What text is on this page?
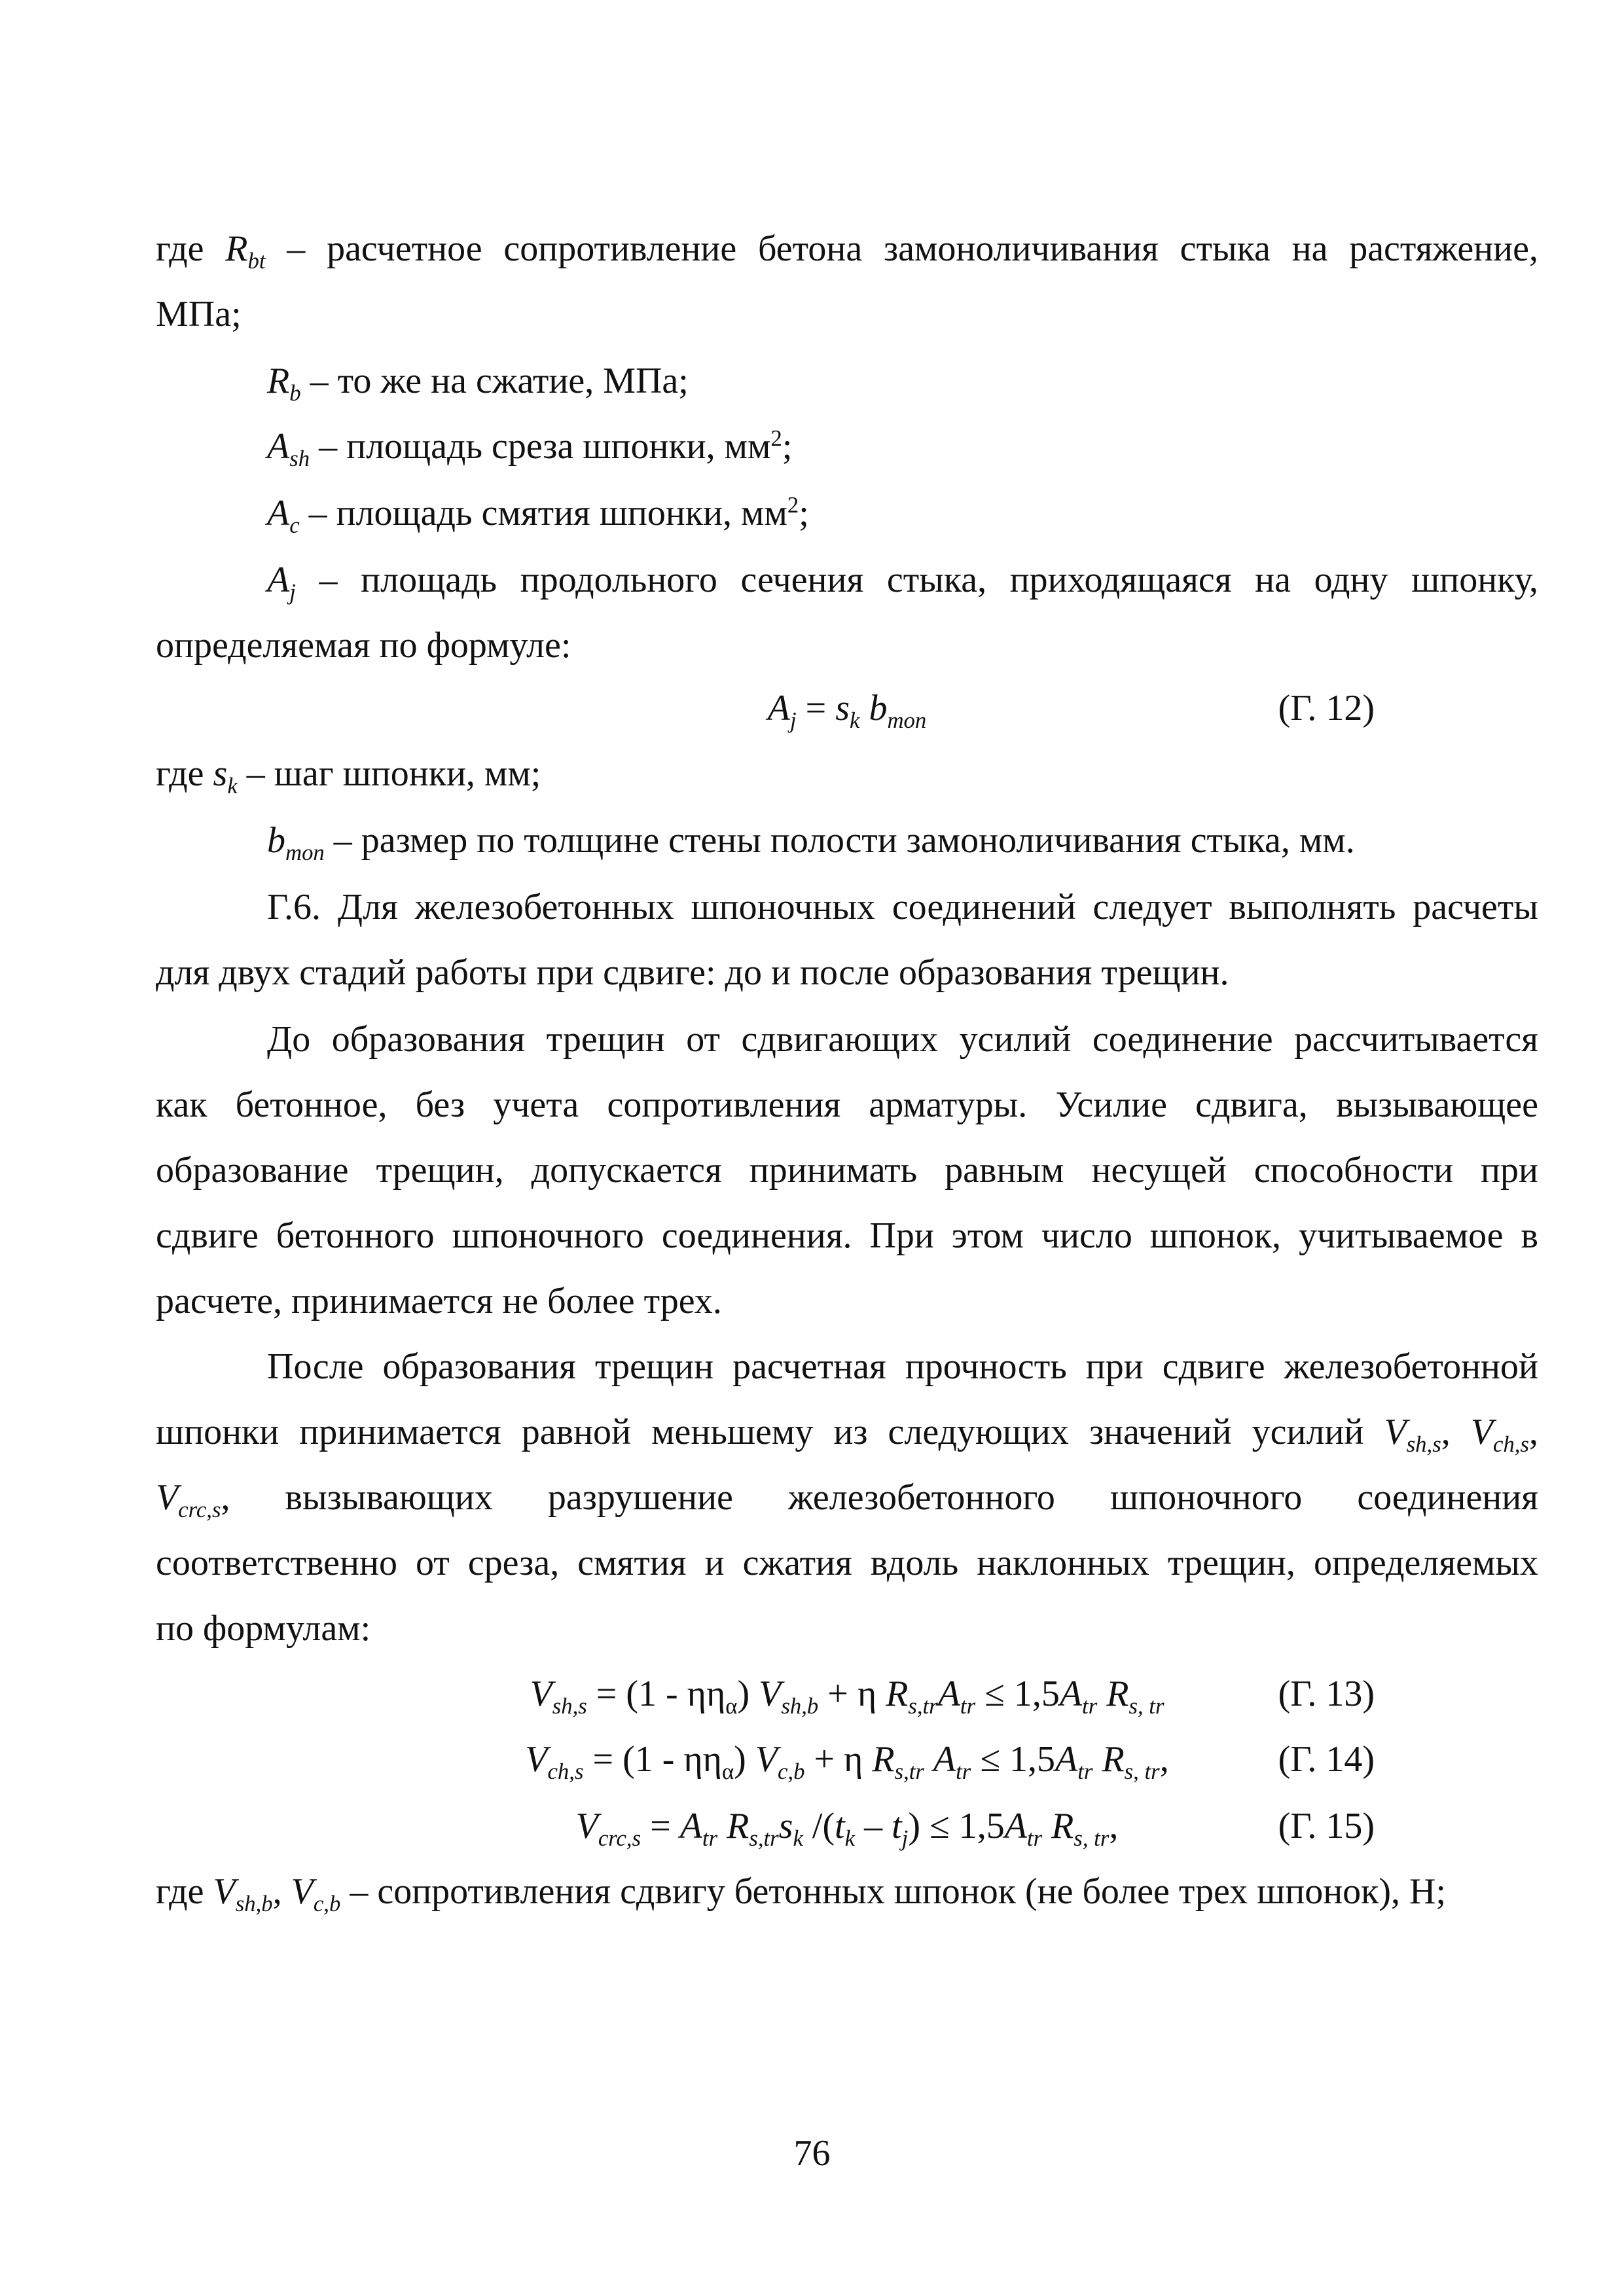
где $R_{bt}$ – расчетное сопротивление бетона замоноличивания стыка на растяжение,
МПа;
$R_b$ – то же на сжатие, МПа;
$A_{sh}$ – площадь среза шпонки, $мм^2$;
$A_c$ – площадь смятия шпонки, $мм^2$;
$A_j$ – площадь продольного сечения стыка, приходящаяся на одну шпонку,
определяемая по формуле:
$A_j = s_k$ $b_{mon}$	(Г. 12)
где $s_k$ – шаг шпонки, мм;
$b_{mon}$ – размер по толщине стены полости замоноличивания стыка, мм.
Г.6. Для железобетонных шпоночных соединений следует выполнять расчеты
для двух стадий работы при сдвиге: до и после образования трещин.
До образования трещин от сдвигающих усилий соединение рассчитывается
как бетонное, без учета сопротивления арматуры. Усилие сдвига, вызывающее
образование трещин, допускается принимать равным несущей способности при
сдвиге бетонного шпоночного соединения. При этом число шпонок, учитываемое в
расчете, принимается не более трех.
После образования трещин расчетная прочность при сдвиге железобетонной
шпонки принимается равной меньшему из следующих значений усилий $V_{sh,s}$, $V_{ch,s}$,
$V_{crc,s}$, вызывающих разрушение железобетонного шпоночного соединения
соответственно от среза, смятия и сжатия вдоль наклонных трещин, определяемых
по формулам:
$V_{sh,s} = (1 - \eta\eta_\alpha) V_{sh,b} + \eta$ $R_{s,tr}A_{tr} \le 1,5A_{tr}$ $R_{s, tr}$	(Г. 13)
$V_{ch,s} = (1 - \eta\eta_\alpha) V_{c,b} + \eta$ $R_{s,tr}$ $A_{tr} \le 1,5A_{tr}$ $R_{s, tr}$,	(Г. 14)
$V_{crc,s} = A_{tr}$ $R_{s,tr}s_k$ $/(t_k - t_j) \le 1,5A_{tr}$ $R_{s, tr}$,	(Г. 15)
где $V_{sh,b}$, $V_{c,b}$ – сопротивления сдвигу бетонных шпонок (не более трех шпонок), Н;
76
